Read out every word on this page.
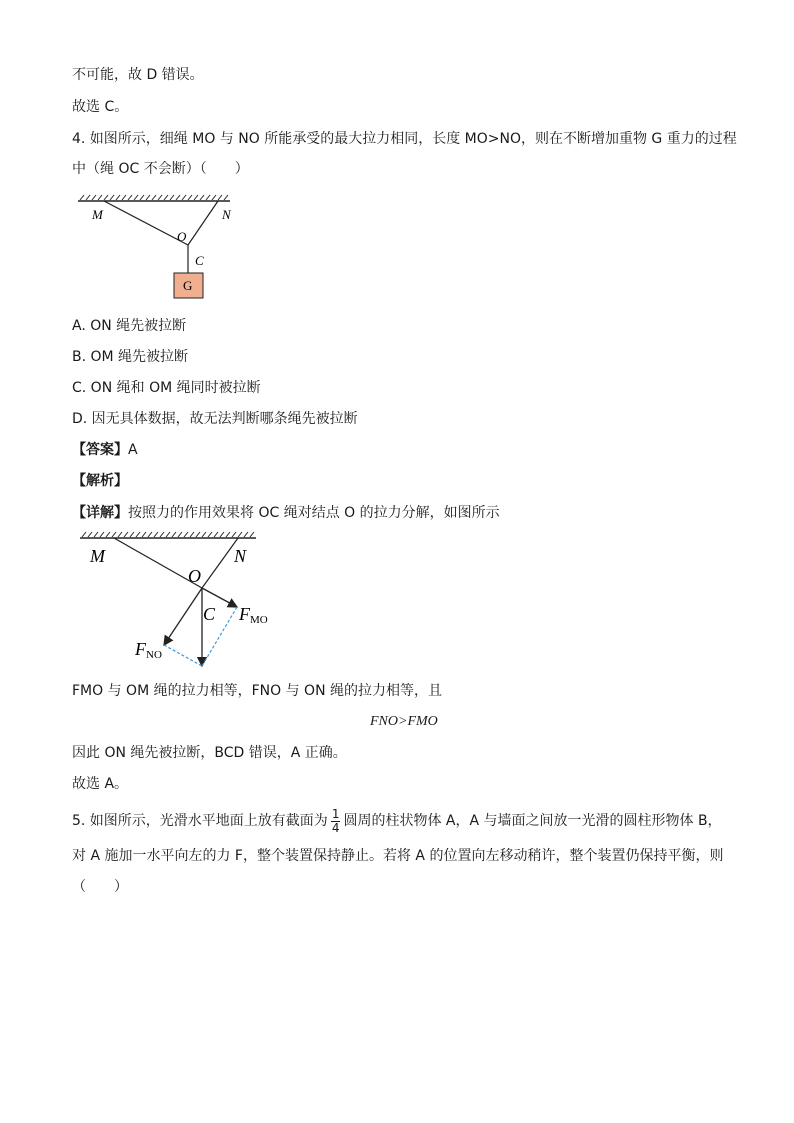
不可能，故 D 错误。
故选 C。
4. 如图所示，细绳 MO 与 NO 所能承受的最大拉力相同，长度 MO>NO，则在不断增加重物 G 重力的过程
中（绳 OC 不会断）（　　）
M	N
O
C
G
A. ON 绳先被拉断
B. OM 绳先被拉断
C. ON 绳和 OM 绳同时被拉断
D. 因无具体数据，故无法判断哪条绳先被拉断
【答案】A
【解析】
【详解】按照力的作用效果将 OC 绳对结点 O 的拉力分解，如图所示
M	N
O
C FMO
FNO
FMO 与 OM 绳的拉力相等，FNO 与 ON 绳的拉力相等，且
FNO>FMO
因此 ON 绳先被拉断，BCD 错误，A 正确。
故选 A。
5. 如图所示，光滑水平地面上放有截面为 $\frac{1}{4}$ 圆周的柱状物体 A，A 与墙面之间放一光滑的圆柱形物体 B，
对 A 施加一水平向左的力 F，整个装置保持静止。若将 A 的位置向左移动稍许，整个装置仍保持平衡，则
（　　）
